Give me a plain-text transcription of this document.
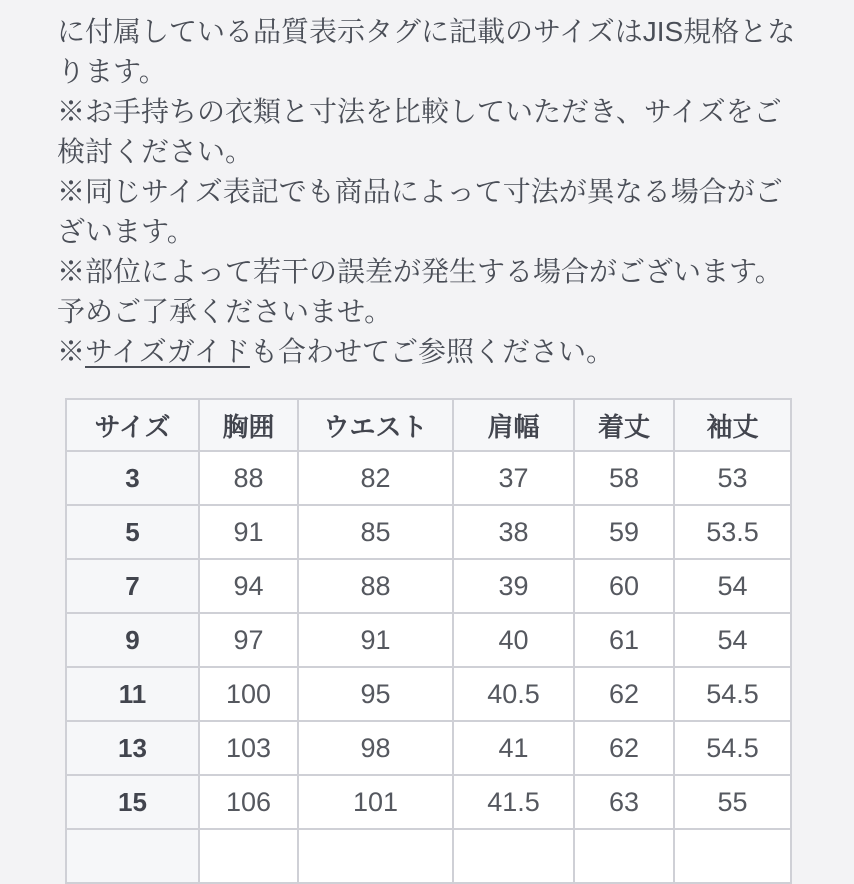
に付属している品質表示タグに記載のサイズはJIS規格となります。

※お手持ちの衣類と寸法を比較していただき、サイズをご検討ください。

※同じサイズ表記でも商品によって寸法が異なる場合がございます。

※部位によって若干の誤差が発生する場合がございます。予めご了承くださいませ。

※サイズガイドも合わせてご参照ください。

サイズ	胸囲	ウエスト	肩幅	着丈	袖丈
3	88	82	37	58	53
5	91	85	38	59	53.5
7	94	88	39	60	54
9	97	91	40	61	54
11	100	95	40.5	62	54.5
13	103	98	41	62	54.5
15	106	101	41.5	63	55
